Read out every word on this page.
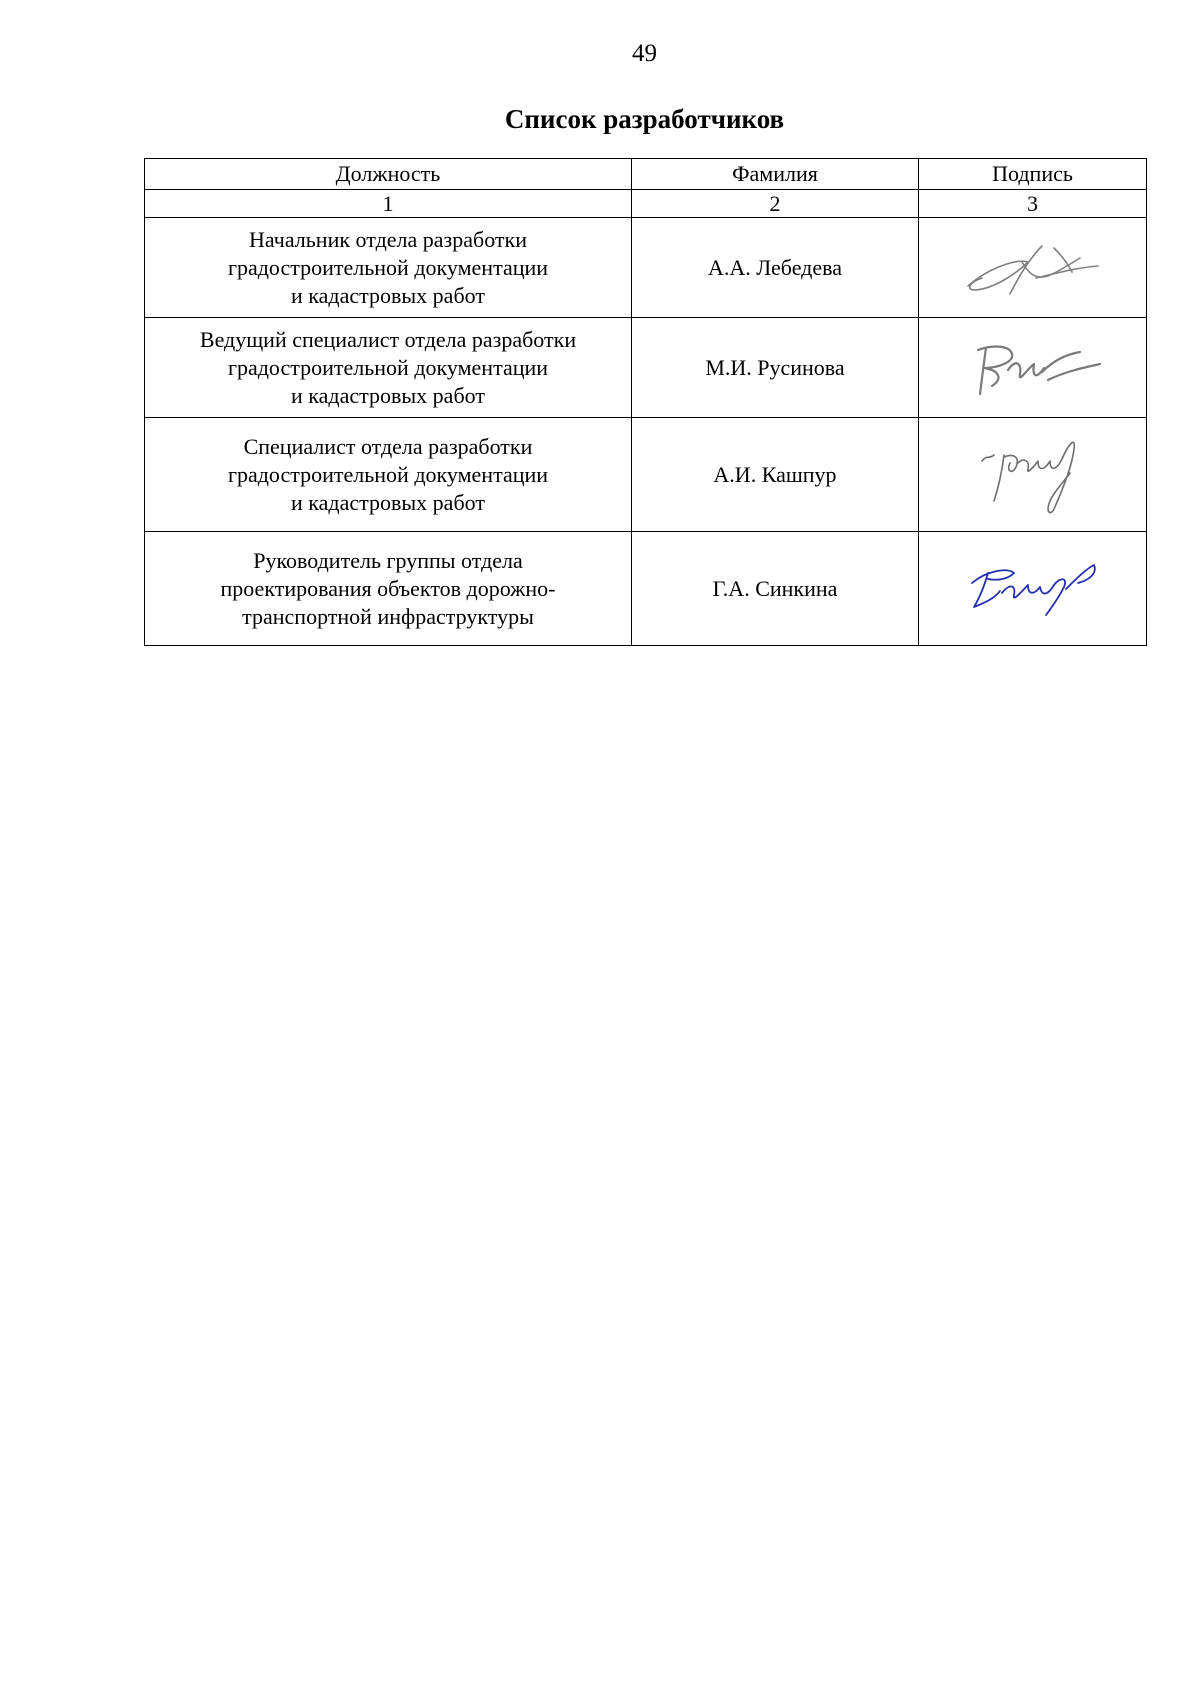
49
Список разработчиков
Должность	Фамилия	Подпись
1	2	3

Начальник отдела разработки
градостроительной документации
и кадастровых работ	А.А. Лебедева	

Ведущий специалист отдела разработки
градостроительной документации
и кадастровых работ	М.И. Русинова	

Специалист отдела разработки
градостроительной документации
и кадастровых работ	А.И. Кашпур	

Руководитель группы отдела
проектирования объектов дорожно-
транспортной инфраструктуры	Г.А. Синкина	
